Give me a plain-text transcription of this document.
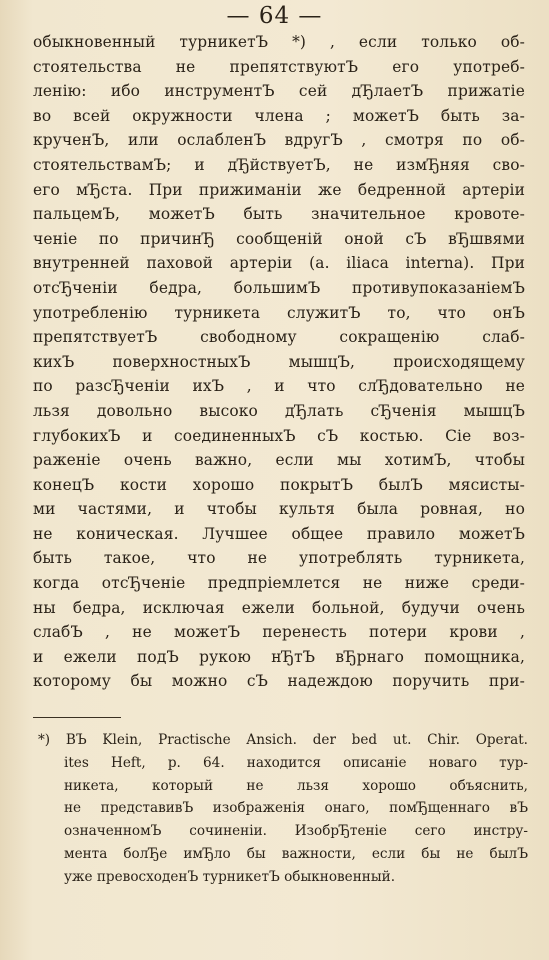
— 64 —
обыкновенный турникетЪ *) , если только об-
стоятельства не препятствуютЪ его употреб-
ленію: ибо инструментЪ сей дЂлаетЪ прижатіе
во всей окружности члена ; можетЪ быть за-
крученЪ, или ослабленЪ вдругЪ , смотря по об-
стоятельствамЪ; и дЂйствуетЪ, не измЂняя сво-
его мЂста. При прижиманіи же бедренной артеріи
пальцемЪ, можетЪ быть значительное кровоте-
ченіе по причинЂ сообщеній оной сЪ вЂшвями
внутренней паховой артеріи (a. iliaca interna). При
отсЂченіи бедра, большимЪ противупоказаніемЪ
употребленію турникета служитЪ то, что онЪ
препятствуетЪ свободному сокращенію слаб-
кихЪ поверхностныхЪ мышцЪ, происходящему
по разсЂченіи ихЪ , и что слЂдовательно не
льзя довольно высоко дЂлать сЂченія мышцЪ
глубокихЪ и соединенныхЪ сЪ костью. Сіе воз-
раженіе очень важно, если мы хотимЪ, чтобы
конецЪ кости хорошо покрытЪ былЪ мясисты-
ми частями, и чтобы культя была ровная, но
не коническая. Лучшее общее правило можетЪ
быть такое, что не употреблять турникета,
когда отсЂченіе предпріемлется не ниже среди-
ны бедра, исключая ежели больной, будучи очень
слабЪ , не можетЪ перенесть потери крови ,
и ежели подЪ рукою нЂтЪ вЂрнаго помощника,
которому бы можно сЪ надеждою поручить при-
*) ВЪ Klein, Practische Ansich. der bed ut. Chir. Operat.
ites Heft, p. 64. находится описаніе новаго тур-
никета, который не льзя хорошо объяснить,
не представивЪ изображенія онаго, помЂщеннаго вЪ
означенномЪ сочиненіи. ИзобрЂтеніе сего инстру-
мента болЂе имЂло бы важности, если бы не былЪ
уже превосходенЪ турникетЪ обыкновенный.
